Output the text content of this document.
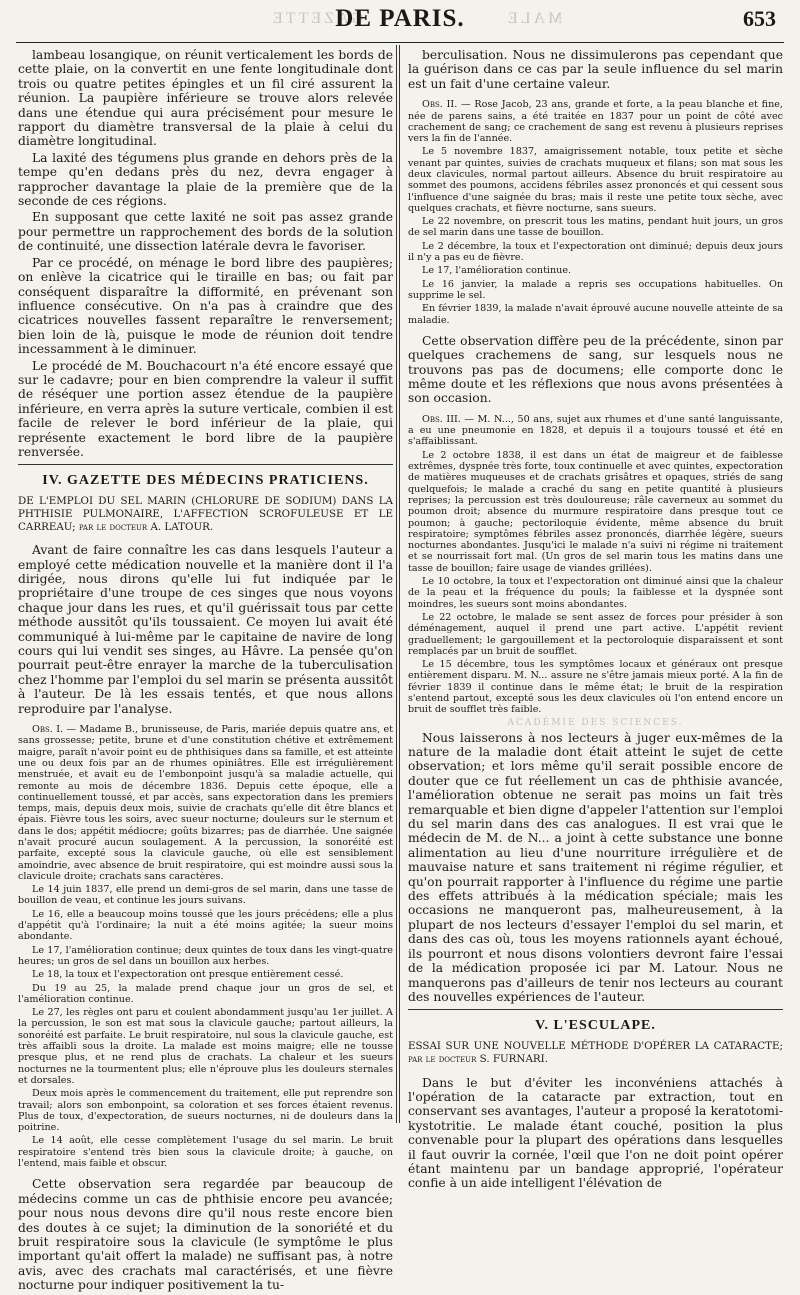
GAZETTE	MALE
DE PARIS.	653

lambeau losangique, on réunit verticalement les bords de cette plaie, on la convertit en une fente longitudinale dont trois ou quatre petites épingles et un fil ciré assurent la réunion. La paupière inférieure se trouve alors relevée dans une étendue qui aura précisément pour mesure le rapport du diamètre transversal de la plaie à celui du diamètre longitudinal.

La laxité des tégumens plus grande en dehors près de la tempe qu'en dedans près du nez, devra engager à rapprocher davantage la plaie de la première que de la seconde de ces régions.

En supposant que cette laxité ne soit pas assez grande pour permettre un rapprochement des bords de la solution de continuité, une dissection latérale devra le favoriser.

Par ce procédé, on ménage le bord libre des paupières; on enlève la cicatrice qui le tiraille en bas; ou fait par conséquent disparaître la difformité, en prévenant son influence consécutive. On n'a pas à craindre que des cicatrices nouvelles fassent reparaître le renversement; bien loin de là, puisque le mode de réunion doit tendre incessamment à le diminuer.

Le procédé de M. Bouchacourt n'a été encore essayé que sur le cadavre; pour en bien comprendre la valeur il suffit de réséquer une portion assez étendue de la paupière inférieure, en verra après la suture verticale, combien il est facile de relever le bord inférieur de la plaie, qui représente exactement le bord libre de la paupière renversée.

IV. GAZETTE DES MÉDECINS PRATICIENS.

DE L'EMPLOI DU SEL MARIN (CHLORURE DE SODIUM) DANS LA PHTHISIE PULMONAIRE, L'AFFECTION SCROFULEUSE ET LE CARREAU; par le docteur A. LATOUR.

Avant de faire connaître les cas dans lesquels l'auteur a employé cette médication nouvelle et la manière dont il l'a dirigée, nous dirons qu'elle lui fut indiquée par le propriétaire d'une troupe de ces singes que nous voyons chaque jour dans les rues, et qu'il guérissait tous par cette méthode aussitôt qu'ils toussaient. Ce moyen lui avait été communiqué à lui-même par le capitaine de navire de long cours qui lui vendit ses singes, au Hâvre. La pensée qu'on pourrait peut-être enrayer la marche de la tuberculisation chez l'homme par l'emploi du sel marin se présenta aussitôt à l'auteur. De là les essais tentés, et que nous allons reproduire par l'analyse.

Obs. I. — Madame B., brunisseuse, de Paris, mariée depuis quatre ans, et sans grossesse; petite, brune et d'une constitution chétive et extrêmement maigre, paraît n'avoir point eu de phthisiques dans sa famille, et est atteinte une ou deux fois par an de rhumes opiniâtres. Elle est irrégulièrement menstruée, et avait eu de l'embonpoint jusqu'à sa maladie actuelle, qui remonte au mois de décembre 1836. Depuis cette époque, elle a continuellement toussé, et par accès, sans expectoration dans les premiers temps, mais, depuis deux mois, suivie de crachats qu'elle dit être blancs et épais. Fièvre tous les soirs, avec sueur nocturne; douleurs sur le sternum et dans le dos; appétit médiocre; goûts bizarres; pas de diarrhée. Une saignée n'avait procuré aucun soulagement. A la percussion, la sonoréité est parfaite, excepté sous la clavicule gauche, où elle est sensiblement amoindrie, avec absence de bruit respiratoire, qui est moindre aussi sous la clavicule droite; crachats sans caractères.

Le 14 juin 1837, elle prend un demi-gros de sel marin, dans une tasse de bouillon de veau, et continue les jours suivans.

Le 16, elle a beaucoup moins toussé que les jours précédens; elle a plus d'appétit qu'à l'ordinaire; la nuit a été moins agitée; la sueur moins abondante.

Le 17, l'amélioration continue; deux quintes de toux dans les vingt-quatre heures; un gros de sel dans un bouillon aux herbes.

Le 18, la toux et l'expectoration ont presque entièrement cessé.

Du 19 au 25, la malade prend chaque jour un gros de sel, et l'amélioration continue.

Le 27, les règles ont paru et coulent abondamment jusqu'au 1er juillet. A la percussion, le son est mat sous la clavicule gauche; partout ailleurs, la sonoréité est parfaite. Le bruit respiratoire, nul sous la clavicule gauche, est très affaibli sous la droite. La malade est moins maigre; elle ne tousse presque plus, et ne rend plus de crachats. La chaleur et les sueurs nocturnes ne la tourmentent plus; elle n'éprouve plus les douleurs sternales et dorsales.

Deux mois après le commencement du traitement, elle put reprendre son travail; alors son embonpoint, sa coloration et ses forces étaient revenus. Plus de toux, d'expectoration, de sueurs nocturnes, ni de douleurs dans la poitrine.

Le 14 août, elle cesse complètement l'usage du sel marin. Le bruit respiratoire s'entend très bien sous la clavicule droite; à gauche, on l'entend, mais faible et obscur.

Cette observation sera regardée par beaucoup de médecins comme un cas de phthisie encore peu avancée; pour nous nous devons dire qu'il nous reste encore bien des doutes à ce sujet; la diminution de la sonoriété et du bruit respiratoire sous la clavicule (le symptôme le plus important qu'ait offert la malade) ne suffisant pas, à notre avis, avec des crachats mal caractérisés, et une fièvre nocturne pour indiquer positivement la tu-

berculisation. Nous ne dissimulerons pas cependant que la guérison dans ce cas par la seule influence du sel marin est un fait d'une certaine valeur.

Obs. II. — Rose Jacob, 23 ans, grande et forte, a la peau blanche et fine, née de parens sains, a été traitée en 1837 pour un point de côté avec crachement de sang; ce crachement de sang est revenu à plusieurs reprises vers la fin de l'année.

Le 5 novembre 1837, amaigrissement notable, toux petite et sèche venant par quintes, suivies de crachats muqueux et filans; son mat sous les deux clavicules, normal partout ailleurs. Absence du bruit respiratoire au sommet des poumons, accidens fébriles assez prononcés et qui cessent sous l'influence d'une saignée du bras; mais il reste une petite toux sèche, avec quelques crachats, et fièvre nocturne, sans sueurs.

Le 22 novembre, on prescrit tous les matins, pendant huit jours, un gros de sel marin dans une tasse de bouillon.

Le 2 décembre, la toux et l'expectoration ont diminué; depuis deux jours il n'y a pas eu de fièvre.

Le 17, l'amélioration continue.

Le 16 janvier, la malade a repris ses occupations habituelles. On supprime le sel.

En février 1839, la malade n'avait éprouvé aucune nouvelle atteinte de sa maladie.

Cette observation diffère peu de la précédente, sinon par quelques crachemens de sang, sur lesquels nous ne trouvons pas pas de documens; elle comporte donc le même doute et les réflexions que nous avons présentées à son occasion.

Obs. III. — M. N..., 50 ans, sujet aux rhumes et d'une santé languissante, a eu une pneumonie en 1828, et depuis il a toujours toussé et été en s'affaiblissant.

Le 2 octobre 1838, il est dans un état de maigreur et de faiblesse extrêmes, dyspnée très forte, toux continuelle et avec quintes, expectoration de matières muqueuses et de crachats grisâtres et opaques, striés de sang quelquefois; le malade a craché du sang en petite quantité à plusieurs reprises; la percussion est très douloureuse; râle caverneux au sommet du poumon droit; absence du murmure respiratoire dans presque tout ce poumon; à gauche; pectoriloquie évidente, même absence du bruit respiratoire; symptômes fébriles assez prononcés, diarrhée légère, sueurs nocturnes abondantes. Jusqu'ici le malade n'a suivi ni régime ni traitement et se nourrissait fort mal. (Un gros de sel marin tous les matins dans une tasse de bouillon; faire usage de viandes grillées).

Le 10 octobre, la toux et l'expectoration ont diminué ainsi que la chaleur de la peau et la fréquence du pouls; la faiblesse et la dyspnée sont moindres, les sueurs sont moins abondantes.

Le 22 octobre, le malade se sent assez de forces pour présider à son déménagement, auquel il prend une part active. L'appétit revient graduellement; le gargouillement et la pectoroloquie disparaissent et sont remplacés par un bruit de soufflet.

Le 15 décembre, tous les symptômes locaux et généraux ont presque entièrement disparu. M. N... assure ne s'être jamais mieux porté. A la fin de février 1839 il continue dans le même état; le bruit de la respiration s'entend partout, excepté sous les deux clavicules où l'on entend encore un bruit de soufflet très faible.

ACADÉMIE DES SCIENCES.

Nous laisserons à nos lecteurs à juger eux-mêmes de la nature de la maladie dont était atteint le sujet de cette observation; et lors même qu'il serait possible encore de douter que ce fut réellement un cas de phthisie avancée, l'amélioration obtenue ne serait pas moins un fait très remarquable et bien digne d'appeler l'attention sur l'emploi du sel marin dans des cas analogues. Il est vrai que le médecin de M. de N... a joint à cette substance une bonne alimentation au lieu d'une nourriture irrégulière et de mauvaise nature et sans traitement ni régime régulier, et qu'on pourrait rapporter à l'influence du régime une partie des effets attribués à la médication spéciale; mais les occasions ne manqueront pas, malheureusement, à la plupart de nos lecteurs d'essayer l'emploi du sel marin, et dans des cas où, tous les moyens rationnels ayant échoué, ils pourront et nous disons volontiers devront faire l'essai de la médication proposée ici par M. Latour. Nous ne manquerons pas d'ailleurs de tenir nos lecteurs au courant des nouvelles expériences de l'auteur.

V. L'ESCULAPE.

ESSAI SUR UNE NOUVELLE MÉTHODE D'OPÉRER LA CATARACTE; par le docteur S. FURNARI.

Dans le but d'éviter les inconvéniens attachés à l'opération de la cataracte par extraction, tout en conservant ses avantages, l'auteur a proposé la keratotomi-kystotritie. Le malade étant couché, position la plus convenable pour la plupart des opérations dans lesquelles il faut ouvrir la cornée, l'œil que l'on ne doit point opérer étant maintenu par un bandage approprié, l'opérateur confie à un aide intelligent l'élévation de
